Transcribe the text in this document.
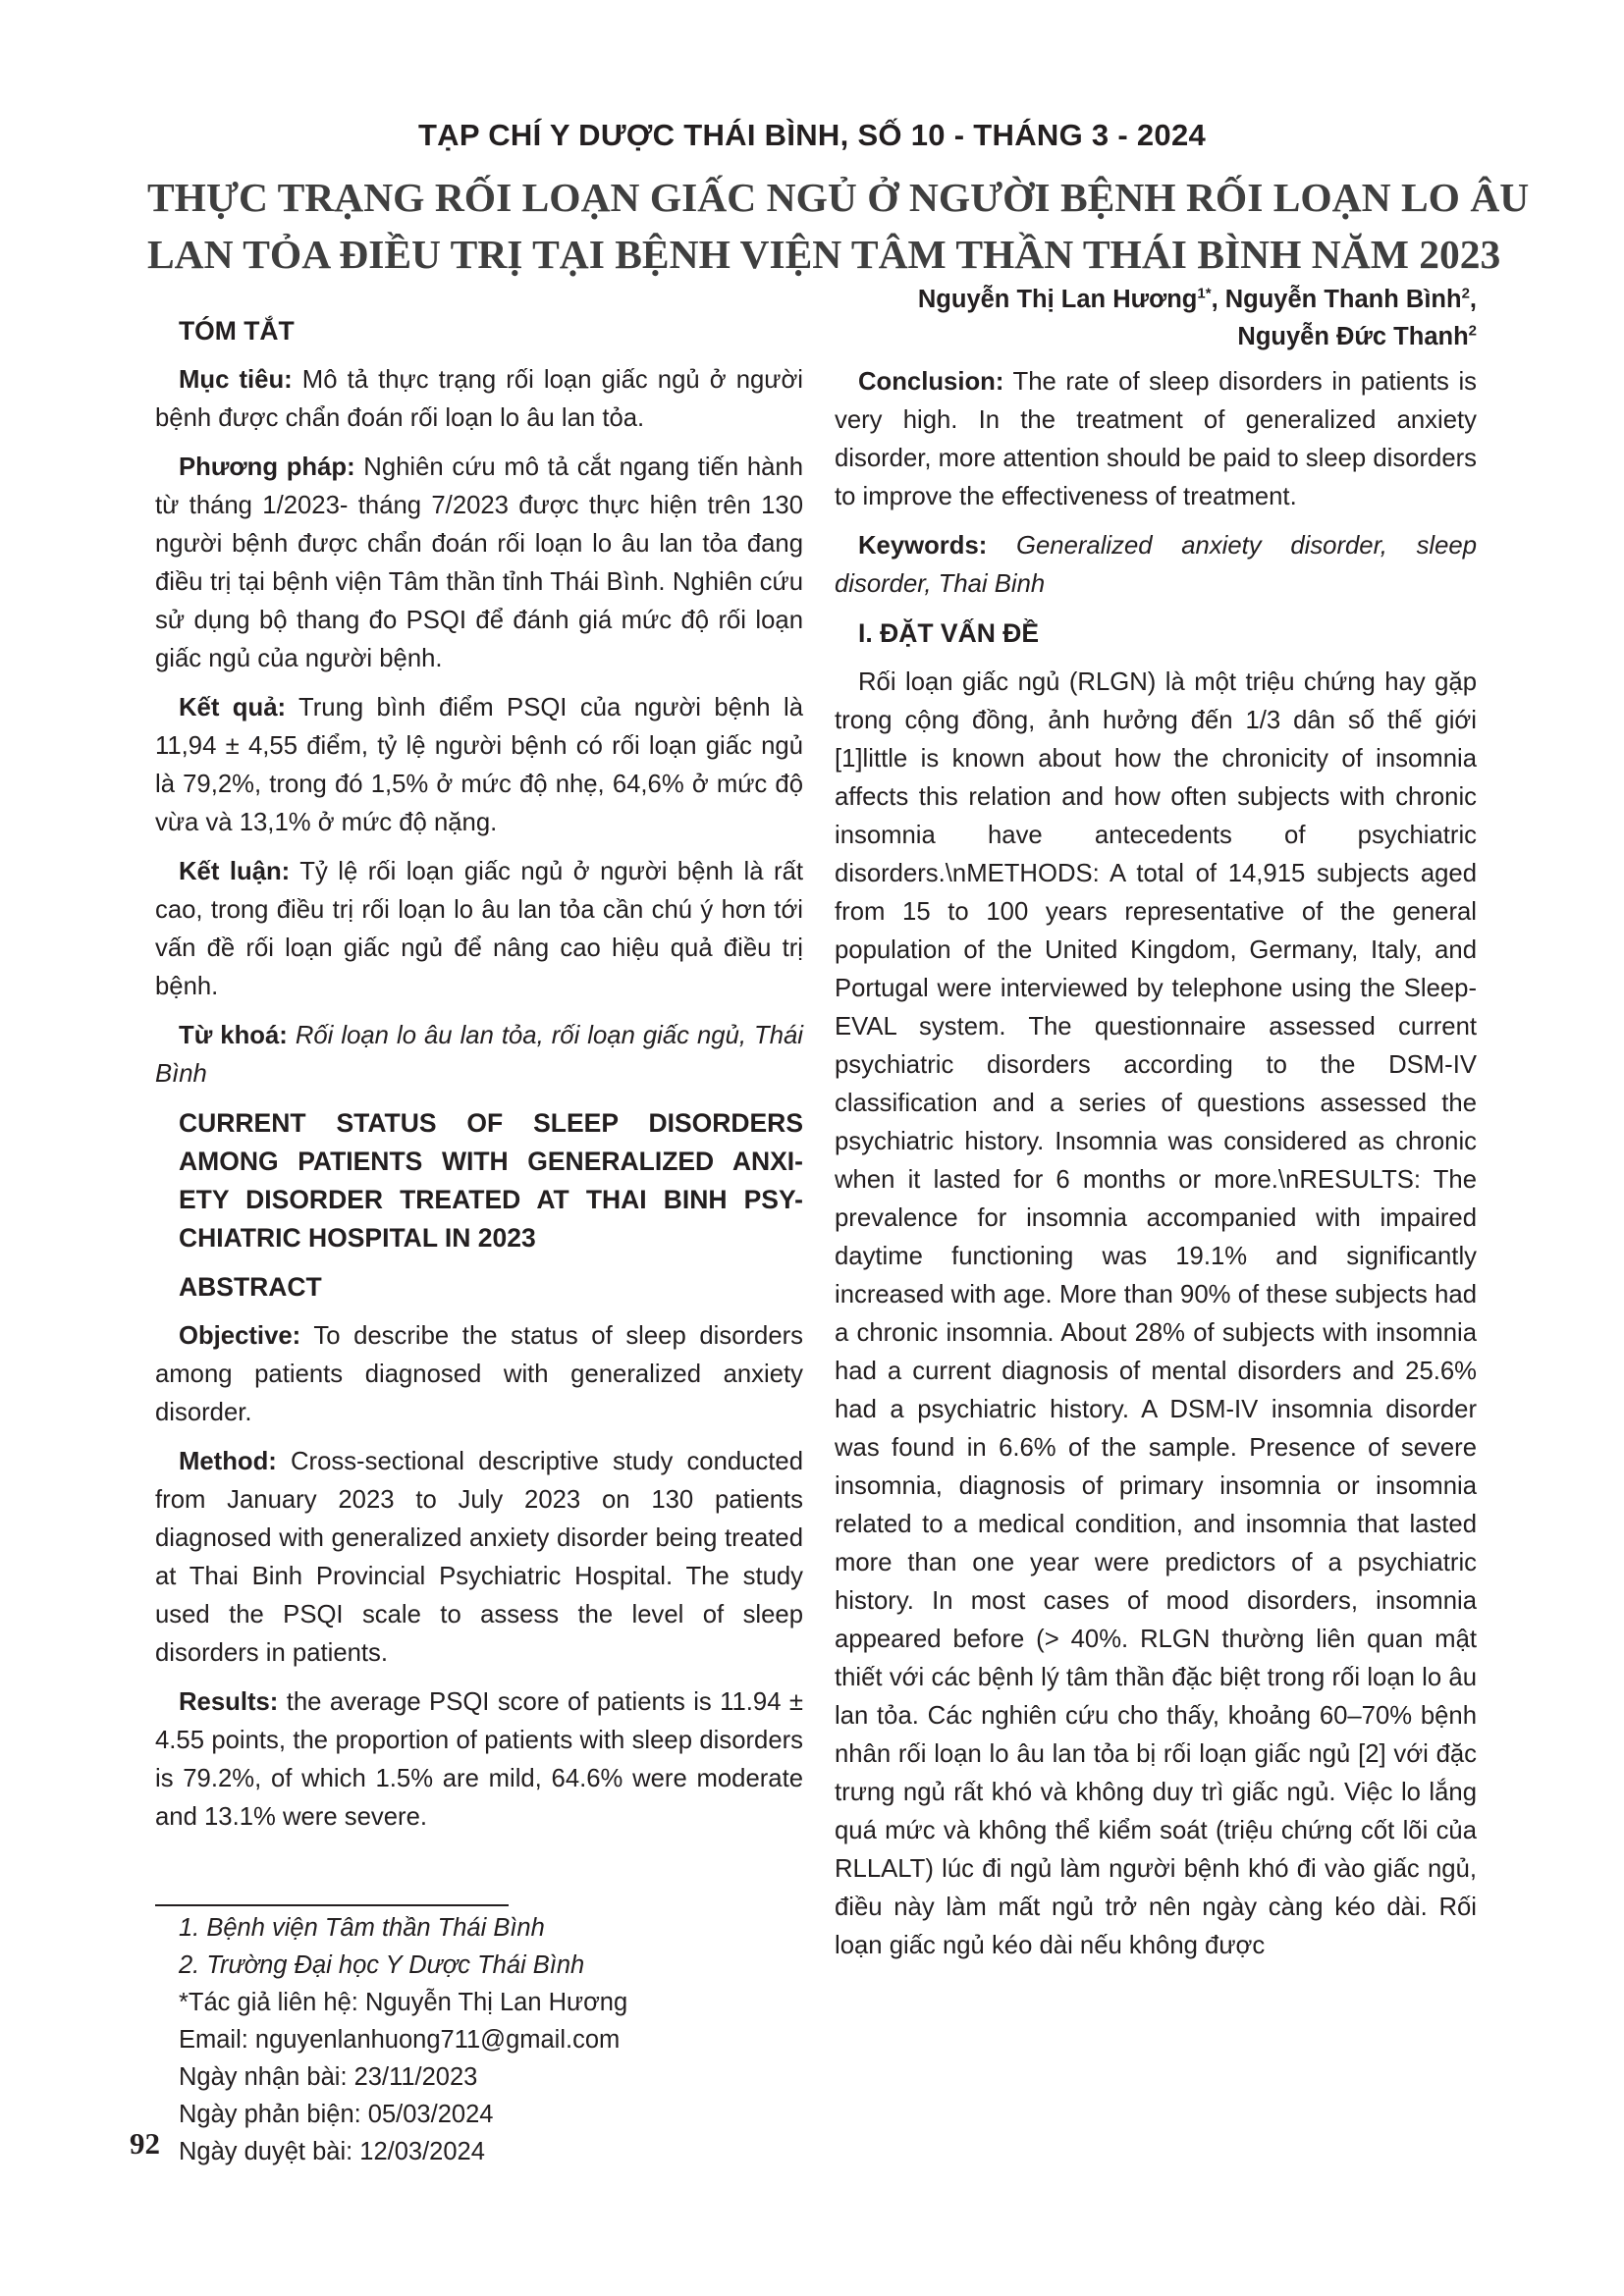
TẠP CHÍ Y DƯỢC THÁI BÌNH, SỐ 10 - THÁNG 3 - 2024
THỰC TRẠNG RỐI LOẠN GIẤC NGỦ Ở NGƯỜI BỆNH RỐI LOẠN LO ÂU
LAN TỎA ĐIỀU TRỊ TẠI BỆNH VIỆN TÂM THẦN THÁI BÌNH NĂM 2023
Nguyễn Thị Lan Hương$^{1*}$, Nguyễn Thanh Bình$^2$,
Nguyễn Đức Thanh$^2$
TÓM TẮT

Mục tiêu: Mô tả thực trạng rối loạn giấc ngủ ở người bệnh được chẩn đoán rối loạn lo âu lan tỏa.

Phương pháp: Nghiên cứu mô tả cắt ngang tiến hành từ tháng 1/2023- tháng 7/2023 được thực hiện trên 130 người bệnh được chẩn đoán rối loạn lo âu lan tỏa đang điều trị tại bệnh viện Tâm thần tỉnh Thái Bình. Nghiên cứu sử dụng bộ thang đo PSQI để đánh giá mức độ rối loạn giấc ngủ của người bệnh.

Kết quả: Trung bình điểm PSQI của người bệnh là 11,94 ± 4,55 điểm, tỷ lệ người bệnh có rối loạn giấc ngủ là 79,2%, trong đó 1,5% ở mức độ nhẹ, 64,6% ở mức độ vừa và 13,1% ở mức độ nặng.

Kết luận: Tỷ lệ rối loạn giấc ngủ ở người bệnh là rất cao, trong điều trị rối loạn lo âu lan tỏa cần chú ý hơn tới vấn đề rối loạn giấc ngủ để nâng cao hiệu quả điều trị bệnh.

Từ khoá: Rối loạn lo âu lan tỏa, rối loạn giấc ngủ, Thái Bình

CURRENT STATUS OF SLEEP DISORDERS AMONG PATIENTS WITH GENERALIZED ANXI-ETY DISORDER TREATED AT THAI BINH PSY-CHIATRIC HOSPITAL IN 2023
ABSTRACT

Objective: To describe the status of sleep disorders among patients diagnosed with generalized anxiety disorder.

Method: Cross-sectional descriptive study conducted from January 2023 to July 2023 on 130 patients diagnosed with generalized anxiety disorder being treated at Thai Binh Provincial Psychiatric Hospital. The study used the PSQI scale to assess the level of sleep disorders in patients.

Results: the average PSQI score of patients is 11.94 ± 4.55 points, the proportion of patients with sleep disorders is 79.2%, of which 1.5% are mild, 64.6% were moderate and 13.1% were severe.

1. Bệnh viện Tâm thần Thái Bình
2. Trường Đại học Y Dược Thái Bình
*Tác giả liên hệ: Nguyễn Thị Lan Hương
Email: nguyenlanhuong711@gmail.com
Ngày nhận bài: 23/11/2023
Ngày phản biện: 05/03/2024
Ngày duyệt bài: 12/03/2024

Conclusion: The rate of sleep disorders in patients is very high. In the treatment of generalized anxiety disorder, more attention should be paid to sleep disorders to improve the effectiveness of treatment.

Keywords: Generalized anxiety disorder, sleep disorder, Thai Binh

I. ĐẶT VẤN ĐỀ

Rối loạn giấc ngủ (RLGN) là một triệu chứng hay gặp trong cộng đồng, ảnh hưởng đến 1/3 dân số thế giới [1]little is known about how the chronicity of insomnia affects this relation and how often subjects with chronic insomnia have antecedents of psychiatric disorders.\nMETHODS: A total of 14,915 subjects aged from 15 to 100 years representative of the general population of the United Kingdom, Germany, Italy, and Portugal were interviewed by telephone using the Sleep-EVAL system. The questionnaire assessed current psychiatric disorders according to the DSM-IV classification and a series of questions assessed the psychiatric history. Insomnia was considered as chronic when it lasted for 6 months or more.\nRESULTS: The prevalence for insomnia accompanied with impaired daytime functioning was 19.1% and significantly increased with age. More than 90% of these subjects had a chronic insomnia. About 28% of subjects with insomnia had a current diagnosis of mental disorders and 25.6% had a psychiatric history. A DSM-IV insomnia disorder was found in 6.6% of the sample. Presence of severe insomnia, diagnosis of primary insomnia or insomnia related to a medical condition, and insomnia that lasted more than one year were predictors of a psychiatric history. In most cases of mood disorders, insomnia appeared before (> 40%. RLGN thường liên quan mật thiết với các bệnh lý tâm thần đặc biệt trong rối loạn lo âu lan tỏa. Các nghiên cứu cho thấy, khoảng 60–70% bệnh nhân rối loạn lo âu lan tỏa bị rối loạn giấc ngủ [2] với đặc trưng ngủ rất khó và không duy trì giấc ngủ. Việc lo lắng quá mức và không thể kiểm soát (triệu chứng cốt lõi của RLLALT) lúc đi ngủ làm người bệnh khó đi vào giấc ngủ, điều này làm mất ngủ trở nên ngày càng kéo dài. Rối loạn giấc ngủ kéo dài nếu không được

92
